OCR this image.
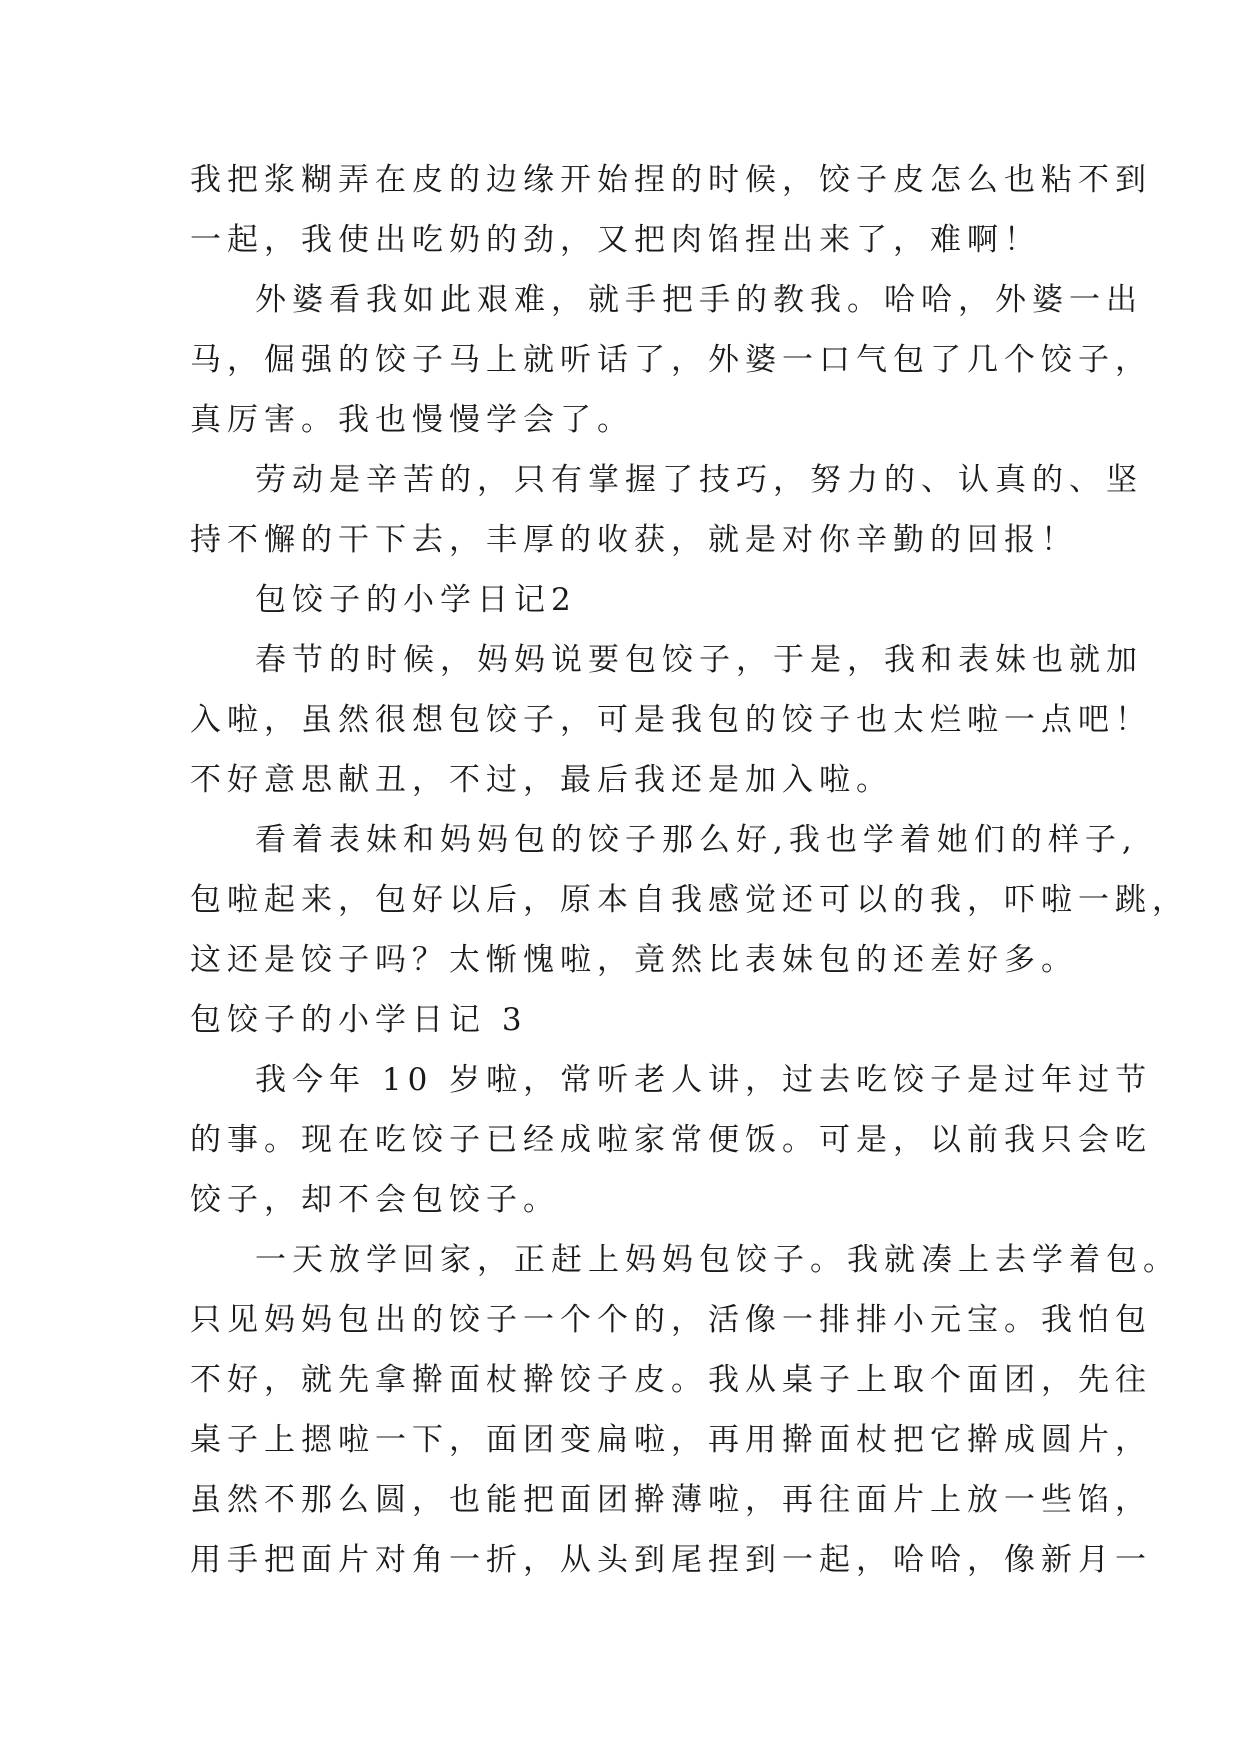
我把浆糊弄在皮的边缘开始捏的时候，饺子皮怎么也粘不到
一起，我使出吃奶的劲，又把肉馅捏出来了，难啊！
外婆看我如此艰难，就手把手的教我。哈哈，外婆一出
马，倔强的饺子马上就听话了，外婆一口气包了几个饺子，
真厉害。我也慢慢学会了。
劳动是辛苦的，只有掌握了技巧，努力的、认真的、坚
持不懈的干下去，丰厚的收获，就是对你辛勤的回报！
包饺子的小学日记2
春节的时候，妈妈说要包饺子，于是，我和表妹也就加
入啦，虽然很想包饺子，可是我包的饺子也太烂啦一点吧！
不好意思献丑，不过，最后我还是加入啦。
看着表妹和妈妈包的饺子那么好,我也学着她们的样子,
包啦起来，包好以后，原本自我感觉还可以的我，吓啦一跳，
这还是饺子吗？太惭愧啦，竟然比表妹包的还差好多。
包饺子的小学日记 3
我今年 10 岁啦，常听老人讲，过去吃饺子是过年过节
的事。现在吃饺子已经成啦家常便饭。可是，以前我只会吃
饺子，却不会包饺子。
一天放学回家，正赶上妈妈包饺子。我就凑上去学着包。
只见妈妈包出的饺子一个个的，活像一排排小元宝。我怕包
不好，就先拿擀面杖擀饺子皮。我从桌子上取个面团，先往
桌子上摁啦一下，面团变扁啦，再用擀面杖把它擀成圆片，
虽然不那么圆，也能把面团擀薄啦，再往面片上放一些馅，
用手把面片对角一折，从头到尾捏到一起，哈哈，像新月一
